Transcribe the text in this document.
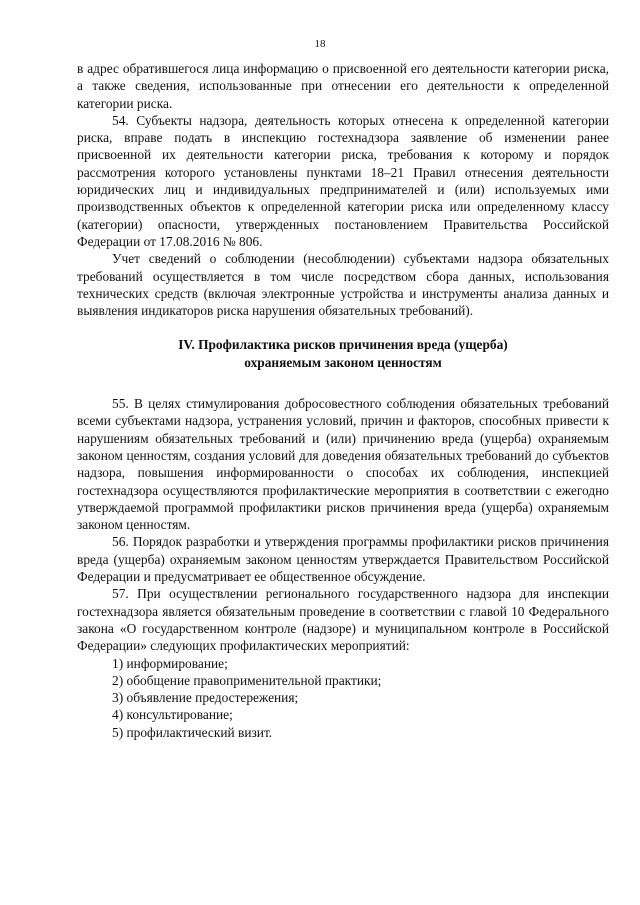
18

в адрес обратившегося лица информацию о присвоенной его деятельности категории риска, а также сведения, использованные при отнесении его деятельности к определенной категории риска.

54. Субъекты надзора, деятельность которых отнесена к определенной категории риска, вправе подать в инспекцию гостехнадзора заявление об изменении ранее присвоенной их деятельности категории риска, требования к которому и порядок рассмотрения которого установлены пунктами 18–21 Правил отнесения деятельности юридических лиц и индивидуальных предпринимателей и (или) используемых ими производственных объектов к определенной категории риска или определенному классу (категории) опасности, утвержденных постановлением Правительства Российской Федерации от 17.08.2016 № 806.

Учет сведений о соблюдении (несоблюдении) субъектами надзора обязательных требований осуществляется в том числе посредством сбора данных, использования технических средств (включая электронные устройства и инструменты анализа данных и выявления индикаторов риска нарушения обязательных требований).

IV. Профилактика рисков причинения вреда (ущерба)
охраняемым законом ценностям

55. В целях стимулирования добросовестного соблюдения обязательных требований всеми субъектами надзора, устранения условий, причин и факторов, способных привести к нарушениям обязательных требований и (или) причинению вреда (ущерба) охраняемым законом ценностям, создания условий для доведения обязательных требований до субъектов надзора, повышения информированности о способах их соблюдения, инспекцией гостехнадзора осуществляются профилактические мероприятия в соответствии с ежегодно утверждаемой программой профилактики рисков причинения вреда (ущерба) охраняемым законом ценностям.

56. Порядок разработки и утверждения программы профилактики рисков причинения вреда (ущерба) охраняемым законом ценностям утверждается Правительством Российской Федерации и предусматривает ее общественное обсуждение.

57. При осуществлении регионального государственного надзора для инспекции гостехнадзора является обязательным проведение в соответствии с главой 10 Федерального закона «О государственном контроле (надзоре) и муниципальном контроле в Российской Федерации» следующих профилактических мероприятий:

1) информирование;

2) обобщение правоприменительной практики;

3) объявление предостережения;

4) консультирование;

5) профилактический визит.
